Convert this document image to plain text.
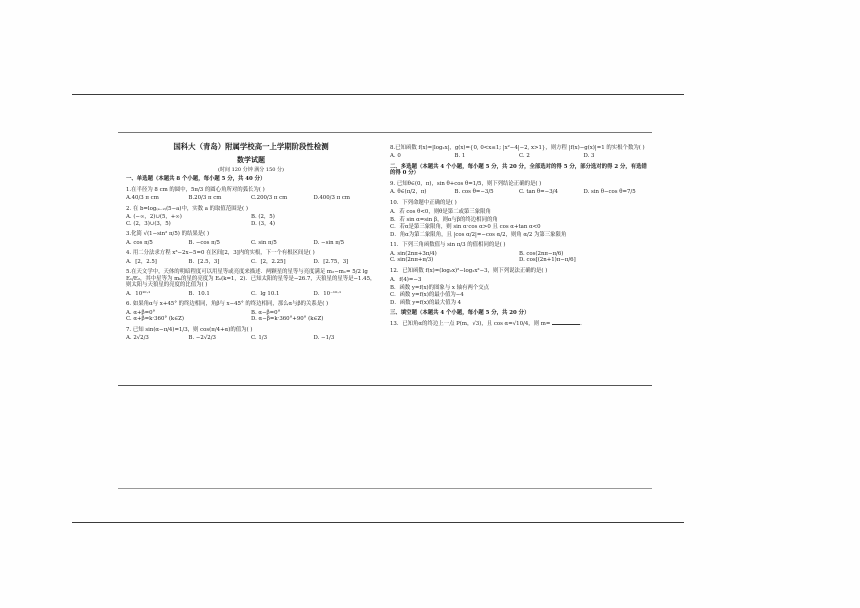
国科大（青岛）附属学校高一上学期阶段性检测
数学试题
(时间 120 分钟 满分 150 分)
一、单选题（本题共 8 个小题，每小题 5 分，共 40 分）
1.在半径为 8 cm 的圆中，5π/3 的圆心角所对的弧长为( )
A.40/3 π cm	B.20/3 π cm	C.200/3 π cm	D.400/3 π cm
2. 在 b=log₍ₐ₋₂₎(5−a)中，实数 a 的取值范围是( )
A. (−∞，2)∪(5，+∞)	B. (2，5)
C. (2，3)∪(3，5)	D. (3，4)
3.化简 √(1−sin² π/5) 的结果是( )
A. cos π/5	B. −cos π/5	C. sin π/5	D. −sin π/5
4. 用二分法求方程 x³−2x−5=0 在区间[2，3]内的实根，下一个有根区间是( )
A．[2，2.5]	B．[2.5，3]	C．[2，2.25]	D．[2.75，3]
5.在天文学中，天体的明暗程度可以用星等或亮度来描述．两颗星的星等与亮度满足 m₂−m₁= 5/2 lg E₁/E₂，其中星等为 mₖ的星的亮度为 Eₖ(k=1，2)．已知太阳的星等是−26.7，天狼星的星等是−1.45，则太阳与天狼星的亮度的比值为( )
A．10¹⁰·¹	B．10.1	C．lg 10.1	D．10⁻¹⁰·¹
6. 如果角α与 x+45° 的终边相同，角β与 x−45° 的终边相同，那么α与β的关系是( )
A. α+β=0°	B. α−β=0°
C. α+β=k·360° (k∈Z)	D. α−β=k·360°+90° (k∈Z)
7. 已知 sin(α−π/4)=1/3，则 cos(π/4+α)的值为( )
A. 2√2/3	B. −2√2/3	C. 1/3	D. −1/3
8.已知函数 f(x)=|log₂x|，g(x)={0, 0<x≤1; |x²−4|−2, x>1}，则方程 |f(x)−g(x)|=1 的实根个数为( )
A. 0	B. 1	C. 2	D. 3
二、多选题（本题共 4 个小题，每小题 5 分，共 20 分，全部选对的得 5 分，部分选对的得 2 分，有选错的得 0 分）
9. 已知θ∈(0，π)，sin θ+cos θ=1/5，则下列结论正确的是( )
A. θ∈(π/2，π)	B. cos θ=−3/5	C. tan θ=−3/4	D. sin θ−cos θ=7/5
10．下列命题中正确的是( )
A．若 cos θ<0，则θ是第二或第三象限角
B．若 sin α=sin β，则α与β的终边相同的角
C．若α是第三象限角，则 sin α·cos α>0 且 cos α+tan α<0
D．角α为第二象限角，且 |cos α/2|=−cos α/2，则角 α/2 为第三象限角
11．下列三角函数值与 sin π/3 的值相同的是( )
A. sin(2nπ+3π/4)	B. cos(2nπ−π/6)
C. sin(2nπ+π/3)	D. cos[(2n+1)π−π/6]
12．已知函数 f(x)=(log₂x)²−log₂x²−3，则下列说法正确的是( )
A．f(4)=−3
B．函数 y=f(x)的图象与 x 轴有两个交点
C．函数 y=f(x)的最小值为−4
D．函数 y=f(x)的最大值为 4
三、填空题（本题共 4 个小题，每小题 5 分，共 20 分）
13．已知角α的终边上一点 P(m，√3)，且 cos α=√10/4，则 m=	.
